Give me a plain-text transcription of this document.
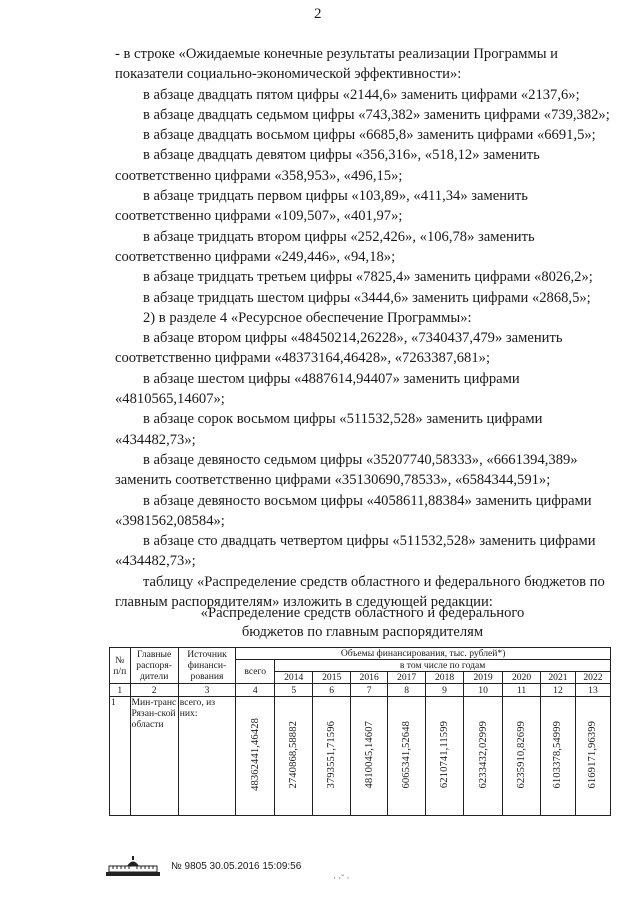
2

- в строке «Ожидаемые конечные результаты реализации Программы и показатели социально-экономической эффективности»:

в абзаце двадцать пятом цифры «2144,6» заменить цифрами «2137,6»;

в абзаце двадцать седьмом цифры «743,382» заменить цифрами «739,382»;

в абзаце двадцать восьмом цифры «6685,8» заменить цифрами «6691,5»;

в абзаце двадцать девятом цифры «356,316», «518,12» заменить соответственно цифрами «358,953», «496,15»;

в абзаце тридцать первом цифры «103,89», «411,34» заменить соответственно цифрами «109,507», «401,97»;

в абзаце тридцать втором цифры «252,426», «106,78» заменить соответственно цифрами «249,446», «94,18»;

в абзаце тридцать третьем цифры «7825,4» заменить цифрами «8026,2»;

в абзаце тридцать шестом цифры «3444,6» заменить цифрами «2868,5»;

2) в разделе 4 «Ресурсное обеспечение Программы»:

в абзаце втором цифры «48450214,26228», «7340437,479» заменить соответственно цифрами «48373164,46428», «7263387,681»;

в абзаце шестом цифры «4887614,94407» заменить цифрами «4810565,14607»;

в абзаце сорок восьмом цифры «511532,528» заменить цифрами «434482,73»;

в абзаце девяносто седьмом цифры «35207740,58333», «6661394,389» заменить соответственно цифрами «35130690,78533», «6584344,591»;

в абзаце девяносто восьмом цифры «4058611,88384» заменить цифрами «3981562,08584»;

в абзаце сто двадцать четвертом цифры «511532,528» заменить цифрами «434482,73»;

таблицу «Распределение средств областного и федерального бюджетов по главным распорядителям» изложить в следующей редакции:

«Распределение средств областного и федерального
бюджетов по главным распорядителям
№ п/п	Главные распоря-дители	Источник финанси-рования	Объемы финансирования, тыс. рублей*)									
			всего	в том числе по годам								
				2014	2015	2016	2017	2018	2019	2020	2021	2022
1	2	3	4	5	6	7	8	9	10	11	12	13
1	Мин-транс Рязан-ской области	всего, из них:	48362441,46428	2740868,58882	3793551,71596	4810045,14607	6065341,52648	6210741,11599	6233432,02999	6235910,82699	6103378,54999	6169171,96399
№ 9805 30.05.2016 15:09:56
· ·˘ ·
